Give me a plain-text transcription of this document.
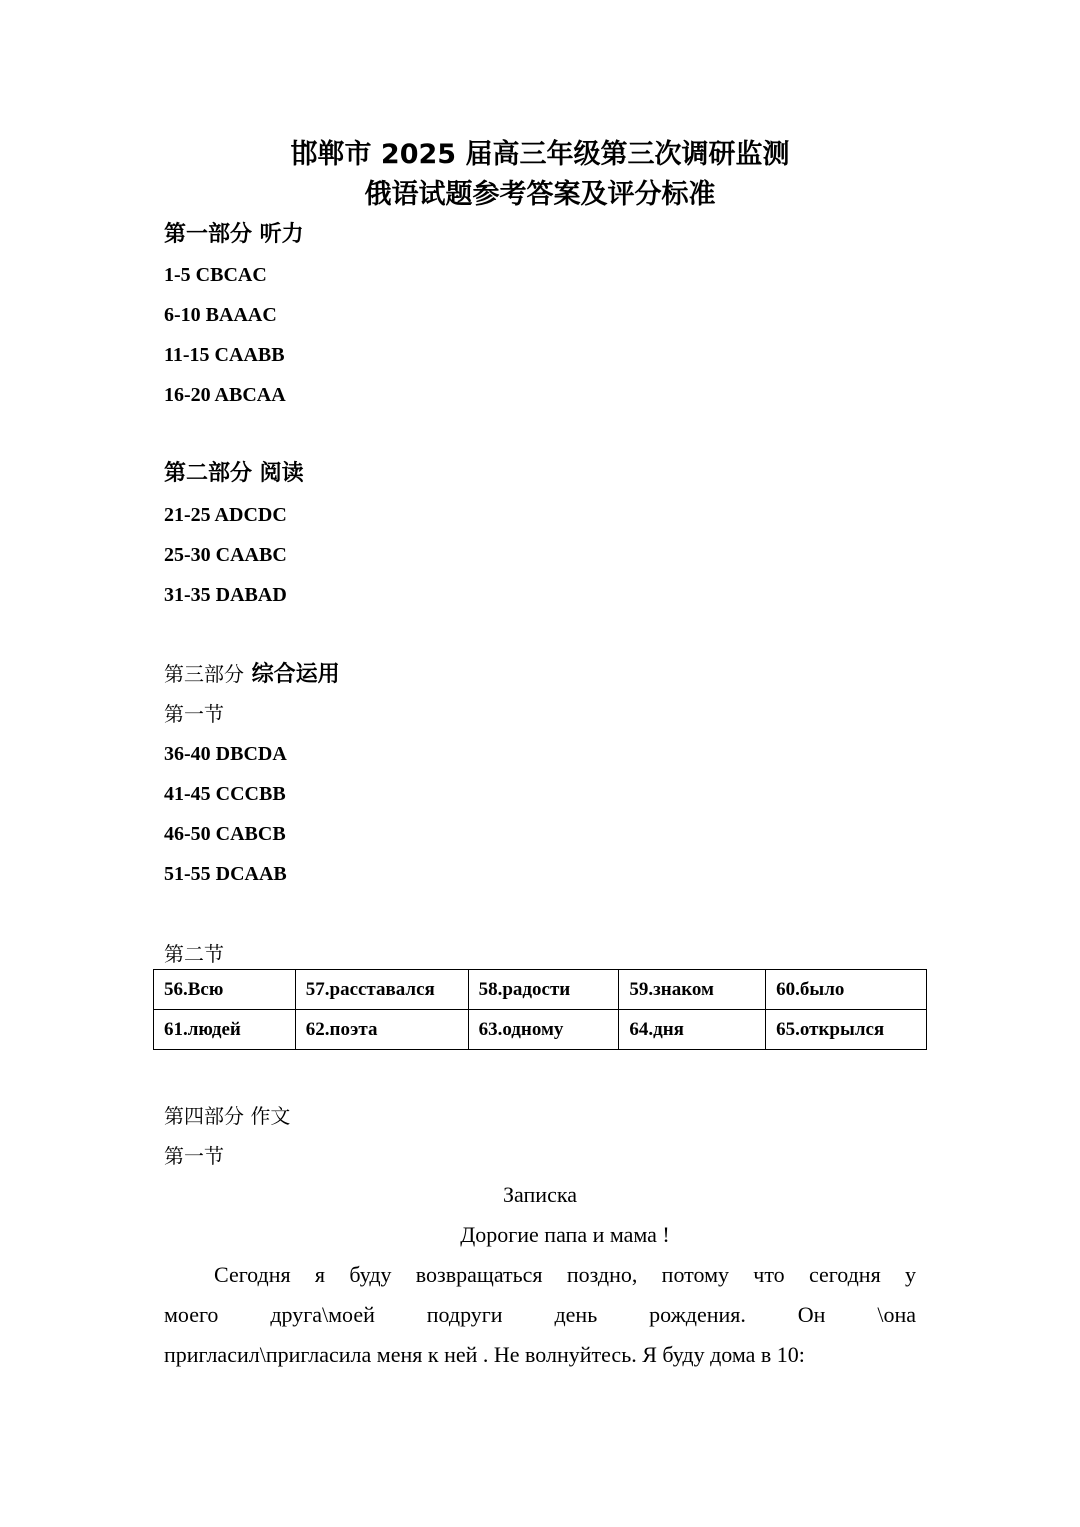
邯郸市 2025 届高三年级第三次调研监测
俄语试题参考答案及评分标准
第一部分 听力

1-5 CBCAC

6-10 BAAAC

11-15 CAABB

16-20 ABCAA

第二部分 阅读

21-25 ADCDC

25-30 CAABC

31-35 DABAD

第三部分 综合运用
第一节

36-40 DBCDA

41-45 CCCBB

46-50 CABCB

51-55 DCAAB

第二节
56.Всю	57.расставался	58.радости	59.знаком	60.было
61.людей	62.поэта	63.одному	64.дня	65.открылся
第四部分 作文
第一节
Записка
Дорогие папа и мама !
Сегодня я буду возвращаться поздно, потому что сегодня у
моего друга\моей подруги день рождения. Он \она
пригласил\пригласила меня к ней . Не волнуйтесь. Я буду дома в 10:
